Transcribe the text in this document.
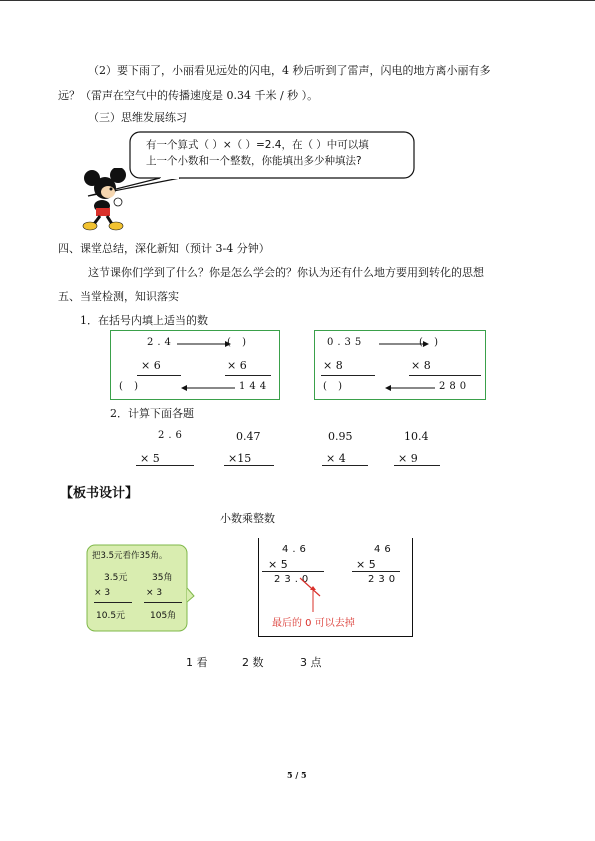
（2）要下雨了，小丽看见远处的闪电，4 秒后听到了雷声，闪电的地方离小丽有多
远？（雷声在空气中的传播速度是 0.34 千米 / 秒 ）。
（三）思维发展练习
有一个算式（ ）×（ ）=2.4，在（ ）中可以填
上一个小数和一个整数，你能填出多少种填法?
四、课堂总结，深化新知（预计 3-4 分钟）
这节课你们学到了什么？你是怎么学会的？你认为还有什么地方要用到转化的思想
五、当堂检测，知识落实
1．在括号内填上适当的数
2.4	( )
× 6	× 6
( )	144
0.35	( )
× 8	× 8
( )	280
2．计算下面各题
2.6
× 5
0.47
×15
0.95
× 4
10.4
× 9
【板书设计】
小数乘整数
把3.5元看作35角。
3.5元	35角
× 3	× 3
10.5元	105角
4.6
× 5
23.0
46
× 5
230
最后的 0 可以去掉
1 看	2 数	3 点
5 / 5
